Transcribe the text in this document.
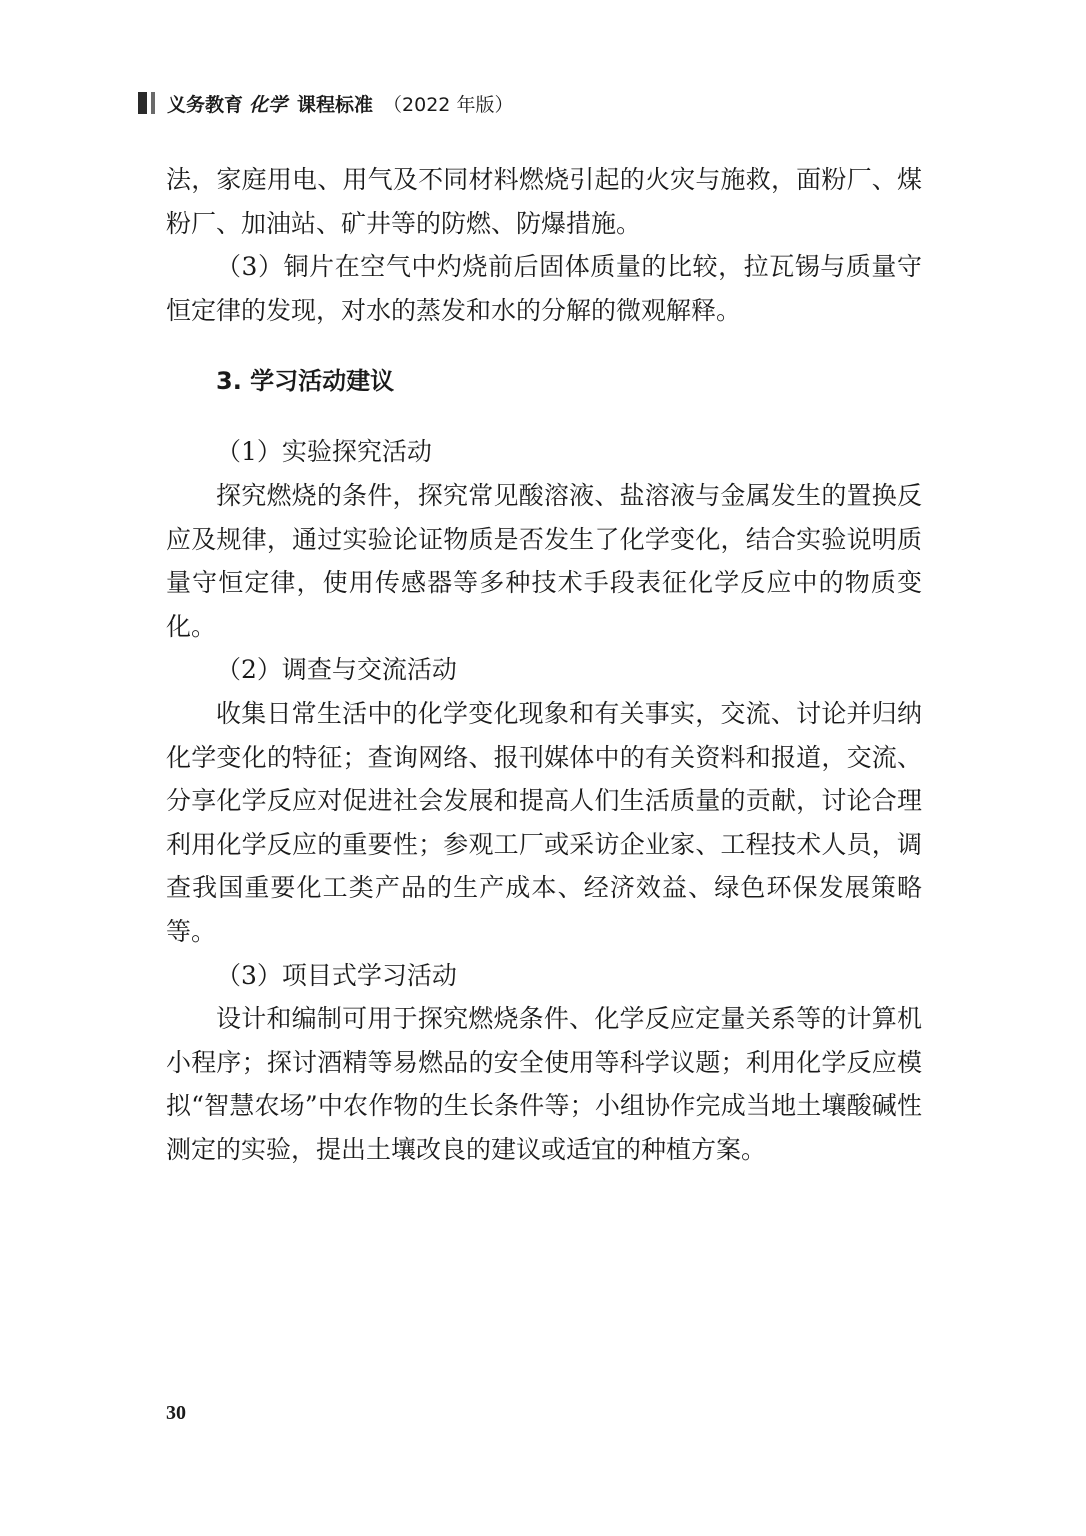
义务教育 化学 课程标准 （2022 年版）

法，家庭用电、用气及不同材料燃烧引起的火灾与施救，面粉厂、煤粉厂、加油站、矿井等的防燃、防爆措施。

（3）铜片在空气中灼烧前后固体质量的比较，拉瓦锡与质量守恒定律的发现，对水的蒸发和水的分解的微观解释。

3. 学习活动建议

（1）实验探究活动

探究燃烧的条件，探究常见酸溶液、盐溶液与金属发生的置换反应及规律，通过实验论证物质是否发生了化学变化，结合实验说明质量守恒定律，使用传感器等多种技术手段表征化学反应中的物质变化。

（2）调查与交流活动

收集日常生活中的化学变化现象和有关事实，交流、讨论并归纳化学变化的特征；查询网络、报刊媒体中的有关资料和报道，交流、分享化学反应对促进社会发展和提高人们生活质量的贡献，讨论合理利用化学反应的重要性；参观工厂或采访企业家、工程技术人员，调查我国重要化工类产品的生产成本、经济效益、绿色环保发展策略等。

（3）项目式学习活动

设计和编制可用于探究燃烧条件、化学反应定量关系等的计算机小程序；探讨酒精等易燃品的安全使用等科学议题；利用化学反应模拟“智慧农场”中农作物的生长条件等；小组协作完成当地土壤酸碱性测定的实验，提出土壤改良的建议或适宜的种植方案。

30
